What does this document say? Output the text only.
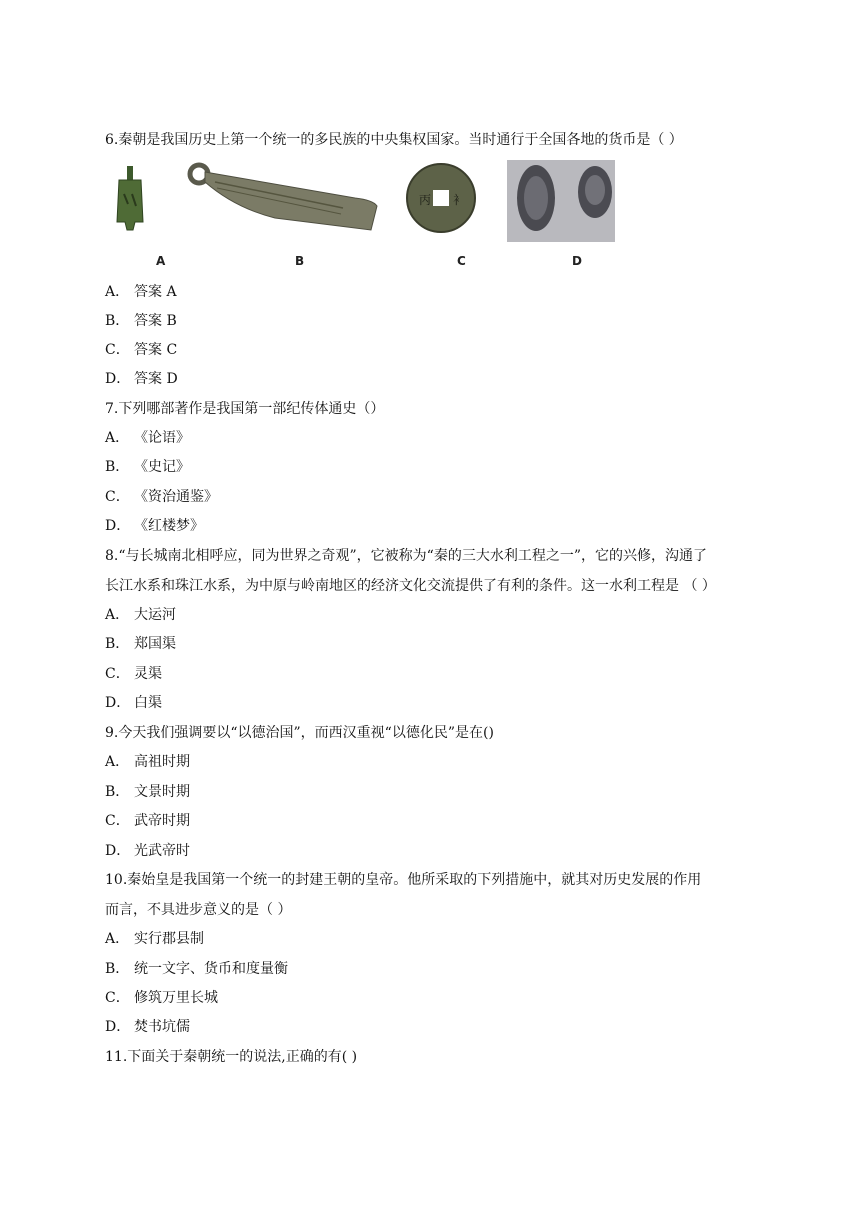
6.秦朝是我国历史上第一个统一的多民族的中央集权国家。当时通行于全国各地的货币是（ ）
丙 衤
A	B	C	D
A． 答案 A
B． 答案 B
C． 答案 C
D． 答案 D
7.下列哪部著作是我国第一部纪传体通史（）
A． 《论语》
B． 《史记》
C． 《资治通鉴》
D． 《红楼梦》
8.“与长城南北相呼应，同为世界之奇观”，它被称为“秦的三大水利工程之一”，它的兴修，沟通了
长江水系和珠江水系，为中原与岭南地区的经济文化交流提供了有利的条件。这一水利工程是 （ ）
A． 大运河
B． 郑国渠
C． 灵渠
D． 白渠
9.今天我们强调要以“以德治国”，而西汉重视“以德化民”是在()
A． 高祖时期
B． 文景时期
C． 武帝时期
D． 光武帝时
10.秦始皇是我国第一个统一的封建王朝的皇帝。他所采取的下列措施中，就其对历史发展的作用
而言，不具进步意义的是（ ）
A． 实行郡县制
B． 统一文字、货币和度量衡
C． 修筑万里长城
D． 焚书坑儒
11.下面关于秦朝统一的说法,正确的有( )
